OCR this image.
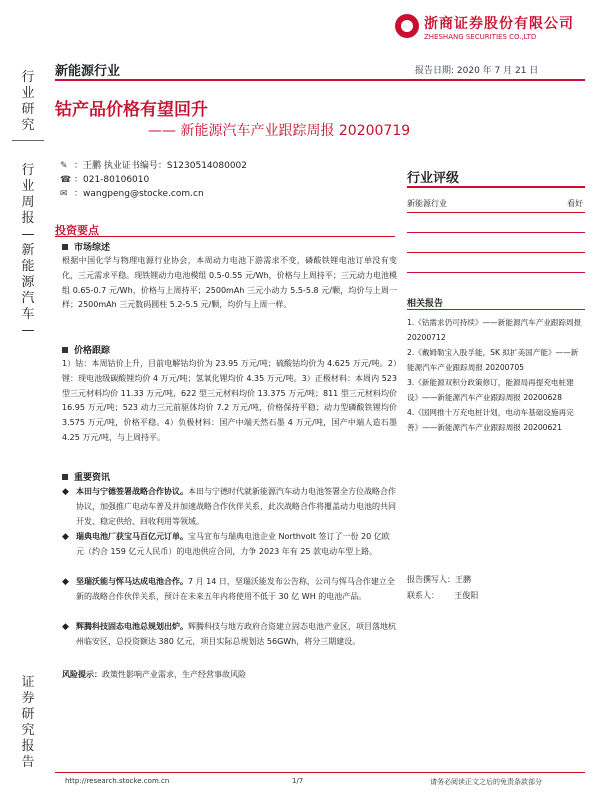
浙商证券股份有限公司
ZHESHANG SECURITIES CO.,LTD
行业研究
行业周报—新能源汽车—
证券研究报告
新能源行业	报告日期: 2020 年 7 月 21 日
钴产品价格有望回升
—— 新能源汽车产业跟踪周报 20200719
✎ ：王鹏 执业证书编号：S1230514080002
☎ ：021-80106010
✉ ：wangpeng@stocke.com.cn
行业评级
新能源行业	看好
相关报告
1.《钴需求仍可持续》——新能源汽车产业跟踪周报 20200712
2.《戴姆勒宝入股孚能，SK 拟扩美国产能》——新能源汽车产业跟踪周报 20200705
3.《新能源双积分政策修订，能源局再提充电桩建设》——新能源汽车产业跟踪周报 20200628
4.《国网推十万充电桩计划，电动车基础设施再完善》——新能源汽车产业跟踪周报 20200621
报告撰写人：王鹏
联系人： 王俊阳
投资要点
市场综述
根据中国化学与物理电源行业协会，本周动力电池下游需求不变，磷酸铁锂电池订单没有变化，三元需求平稳。现铁锂动力电池模组 0.5-0.55 元/Wh，价格与上周持平；三元动力电池模组 0.65-0.7 元/Wh，价格与上周持平；2500mAh 三元小动力 5.5-5.8 元/颗，均价与上周一样；2500mAh 三元数码圆柱 5.2-5.5 元/颗，均价与上周一样。
价格跟踪
1）钴：本周钴价上升，目前电解钴均价为 23.95 万元/吨；硫酸钴均价为 4.625 万元/吨。2）锂：现电池级碳酸锂均价 4 万元/吨；氢氧化锂均价 4.35 万元/吨。3）正极材料：本周内 523 型三元材料均价 11.33 万元/吨，622 型三元材料均价 13.375 万元/吨；811 型三元材料均价 16.95 万元/吨；523 动力三元前驱体均价 7.2 万元/吨，价格保持平稳；动力型磷酸铁锂均价 3.575 万元/吨，价格平稳。4）负极材料：国产中端天然石墨 4 万元/吨，国产中端人造石墨 4.25 万元/吨，与上周持平。
重要资讯
◆ 本田与宁德签署战略合作协议。本田与宁德时代就新能源汽车动力电池签署全方位战略合作协议，加强推广电动车普及并加速战略合作伙伴关系，此次战略合作将覆盖动力电池的共同开发、稳定供给、回收利用等领域。
◆ 瑞典电池厂获宝马百亿元订单。宝马宣布与瑞典电池企业 Northvolt 签订了一份 20 亿欧元（约合 159 亿元人民币）的电池供应合同，力争 2023 年有 25 款电动车型上路。
◆ 坚瑞沃能与恽马达成电池合作。7 月 14 日，坚瑞沃能发布公告称，公司与恽马合作建立全新的战略合作伙伴关系，预计在未来五年内将使用不低于 30 亿 WH 的电池产品。
◆ 辉腾科技固态电池总规划出炉。辉腾科技与地方政府合资建立固态电池产业区，项目落地杭州临安区，总投资额达 380 亿元，项目实际总规划达 56GWh，将分三期建设。
风险提示：政策性影响产业需求，生产经营事故风险
http://research.stocke.com.cn	1/7	请务必阅读正文之后的免责条款部分
